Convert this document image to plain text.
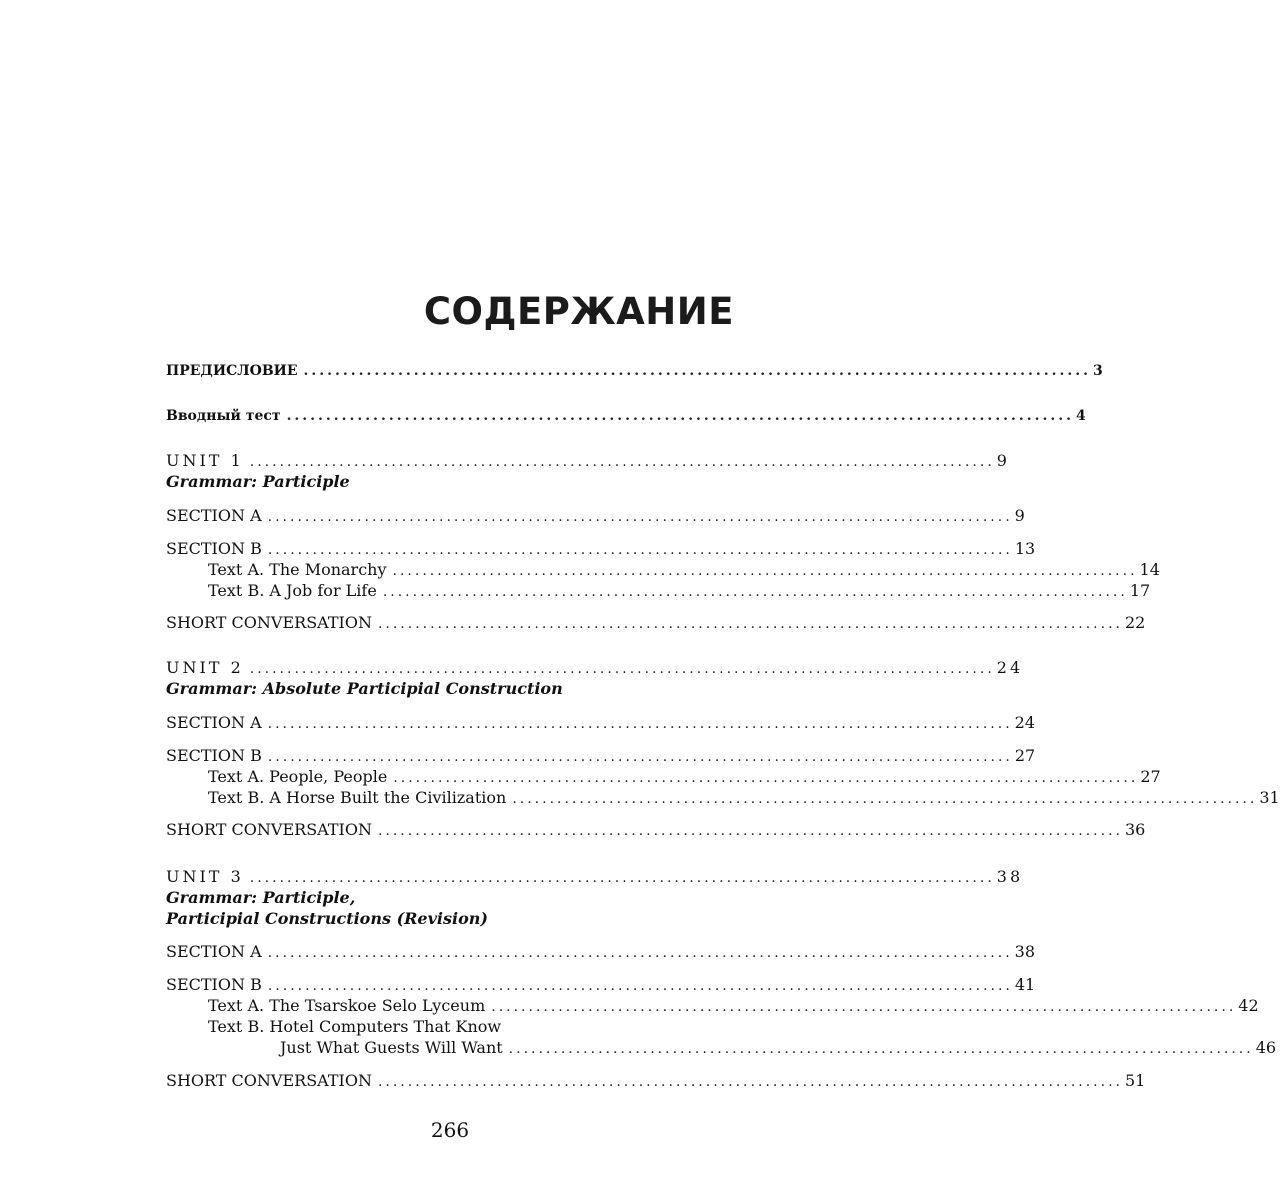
СОДЕРЖАНИЕ
ПРЕДИСЛОВИЕ .................................................................................................... 3
Вводный тест .................................................................................................... 4
UNIT 1 .................................................................................................... 9
Grammar: Participle
SECTION A .................................................................................................... 9
SECTION B .................................................................................................... 13
Text A. The Monarchy .................................................................................................... 14
Text B. A Job for Life .................................................................................................... 17
SHORT CONVERSATION .................................................................................................... 22
UNIT 2 .................................................................................................... 24
Grammar: Absolute Participial Construction
SECTION A .................................................................................................... 24
SECTION B .................................................................................................... 27
Text A. People, People .................................................................................................... 27
Text B. A Horse Built the Civilization .................................................................................................... 31
SHORT CONVERSATION .................................................................................................... 36
UNIT 3 .................................................................................................... 38
Grammar: Participle,
Participial Constructions (Revision)
SECTION A .................................................................................................... 38
SECTION B .................................................................................................... 41
Text A. The Tsarskoe Selo Lyceum .................................................................................................... 42
Text B. Hotel Computers That Know
Just What Guests Will Want .................................................................................................... 46
SHORT CONVERSATION .................................................................................................... 51
266
